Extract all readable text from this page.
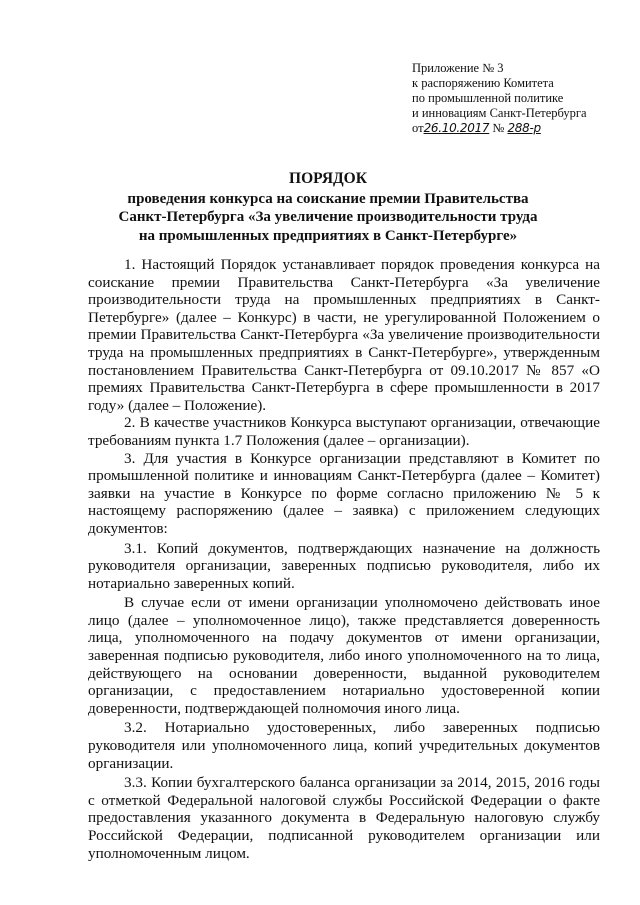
Приложение № 3
к распоряжению Комитета
по промышленной политике
и инновациям Санкт-Петербурга
от26.10.2017 № 288-р
ПОРЯДОК
проведения конкурса на соискание премии Правительства
Санкт-Петербурга «За увеличение производительности труда
на промышленных предприятиях в Санкт-Петербурге»

1. Настоящий Порядок устанавливает порядок проведения конкурса на соискание премии Правительства Санкт-Петербурга «За увеличение производительности труда на промышленных предприятиях в Санкт-Петербурге» (далее – Конкурс) в части, не урегулированной Положением о премии Правительства Санкт-Петербурга «За увеличение производительности труда на промышленных предприятиях в Санкт-Петербурге», утвержденным постановлением Правительства Санкт-Петербурга от 09.10.2017 № 857 «О премиях Правительства Санкт-Петербурга в сфере промышленности в 2017 году» (далее – Положение).

2. В качестве участников Конкурса выступают организации, отвечающие требованиям пункта 1.7 Положения (далее – организации).

3. Для участия в Конкурсе организации представляют в Комитет по промышленной политике и инновациям Санкт-Петербурга (далее – Комитет) заявки на участие в Конкурсе по форме согласно приложению № 5 к настоящему распоряжению (далее – заявка) с приложением следующих документов:

3.1. Копий документов, подтверждающих назначение на должность руководителя организации, заверенных подписью руководителя, либо их нотариально заверенных копий.

В случае если от имени организации уполномочено действовать иное лицо (далее – уполномоченное лицо), также представляется доверенность лица, уполномоченного на подачу документов от имени организации, заверенная подписью руководителя, либо иного уполномоченного на то лица, действующего на основании доверенности, выданной руководителем организации, с предоставлением нотариально удостоверенной копии доверенности, подтверждающей полномочия иного лица.

3.2. Нотариально удостоверенных, либо заверенных подписью руководителя или уполномоченного лица, копий учредительных документов организации.

3.3. Копии бухгалтерского баланса организации за 2014, 2015, 2016 годы с отметкой Федеральной налоговой службы Российской Федерации о факте предоставления указанного документа в Федеральную налоговую службу Российской Федерации, подписанной руководителем организации или уполномоченным лицом.
